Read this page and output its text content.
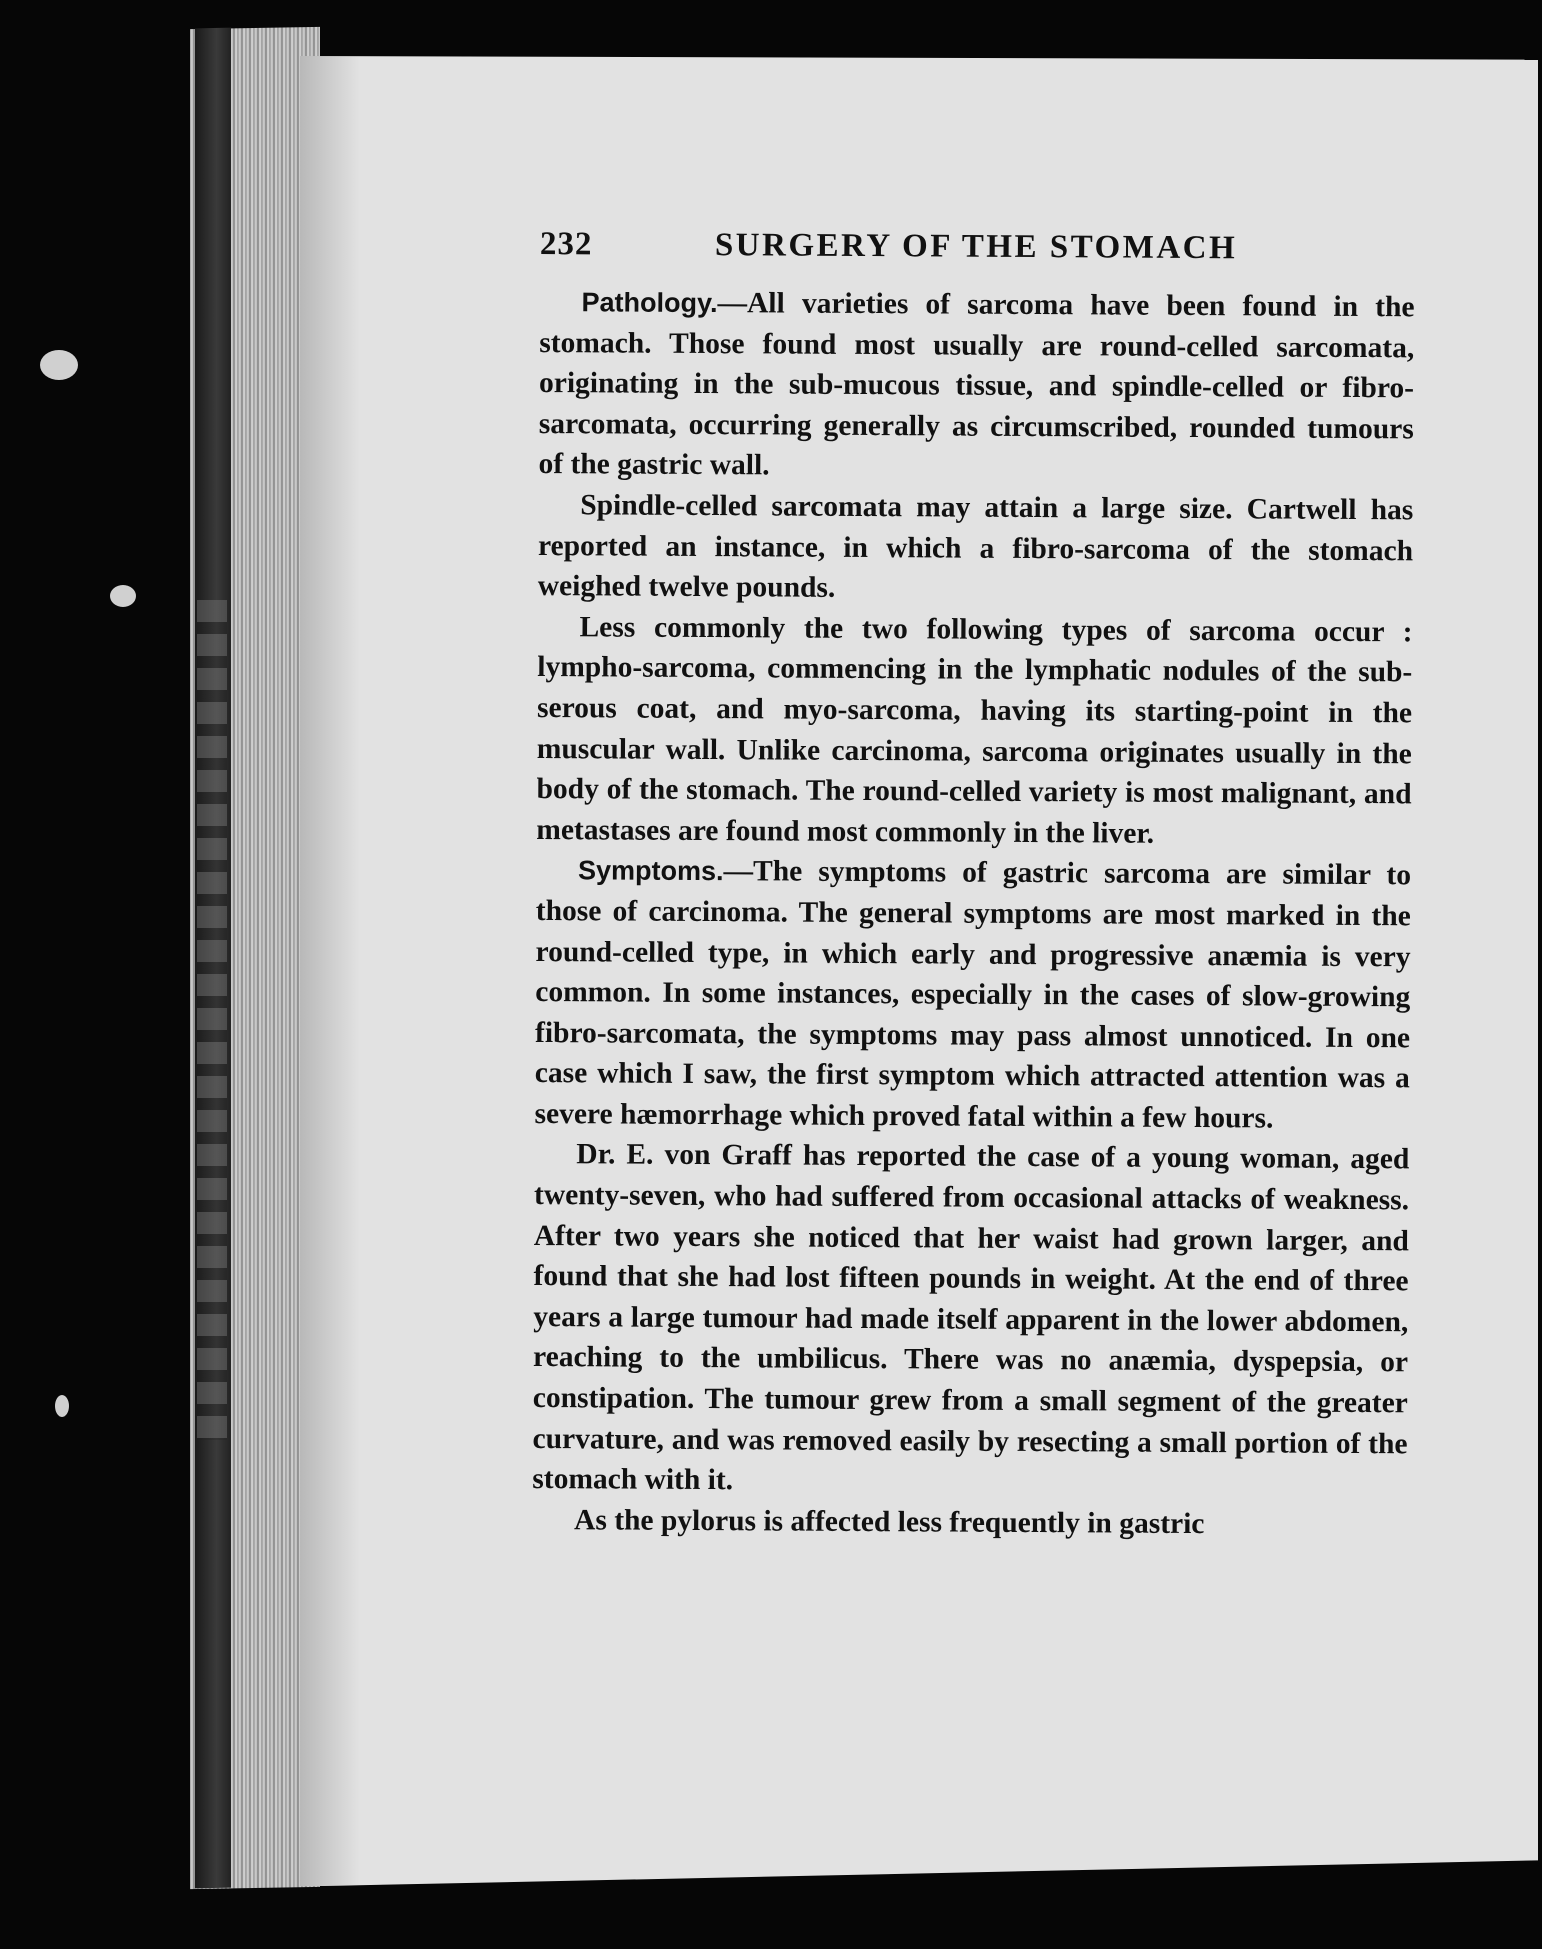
232	SURGERY OF THE STOMACH

Pathology.—All varieties of sarcoma have been found in the stomach. Those found most usually are round-celled sarcomata, originating in the sub-mucous tissue, and spindle-celled or fibro-sarcomata, occurring generally as circumscribed, rounded tumours of the gastric wall.

Spindle-celled sarcomata may attain a large size. Cartwell has reported an instance, in which a fibro-sarcoma of the stomach weighed twelve pounds.

Less commonly the two following types of sarcoma occur : lympho-sarcoma, commencing in the lymphatic nodules of the sub-serous coat, and myo-sarcoma, having its starting-point in the muscular wall. Unlike carcinoma, sarcoma originates usually in the body of the stomach. The round-celled variety is most malignant, and metastases are found most commonly in the liver.

Symptoms.—The symptoms of gastric sarcoma are similar to those of carcinoma. The general symptoms are most marked in the round-celled type, in which early and progressive anæmia is very common. In some instances, especially in the cases of slow-growing fibro-sarcomata, the symptoms may pass almost unnoticed. In one case which I saw, the first symptom which attracted attention was a severe hæmorrhage which proved fatal within a few hours.

Dr. E. von Graff has reported the case of a young woman, aged twenty-seven, who had suffered from occasional attacks of weakness. After two years she noticed that her waist had grown larger, and found that she had lost fifteen pounds in weight. At the end of three years a large tumour had made itself apparent in the lower abdomen, reaching to the umbilicus. There was no anæmia, dyspepsia, or constipation. The tumour grew from a small segment of the greater curvature, and was removed easily by resecting a small portion of the stomach with it.

As the pylorus is affected less frequently in gastric
